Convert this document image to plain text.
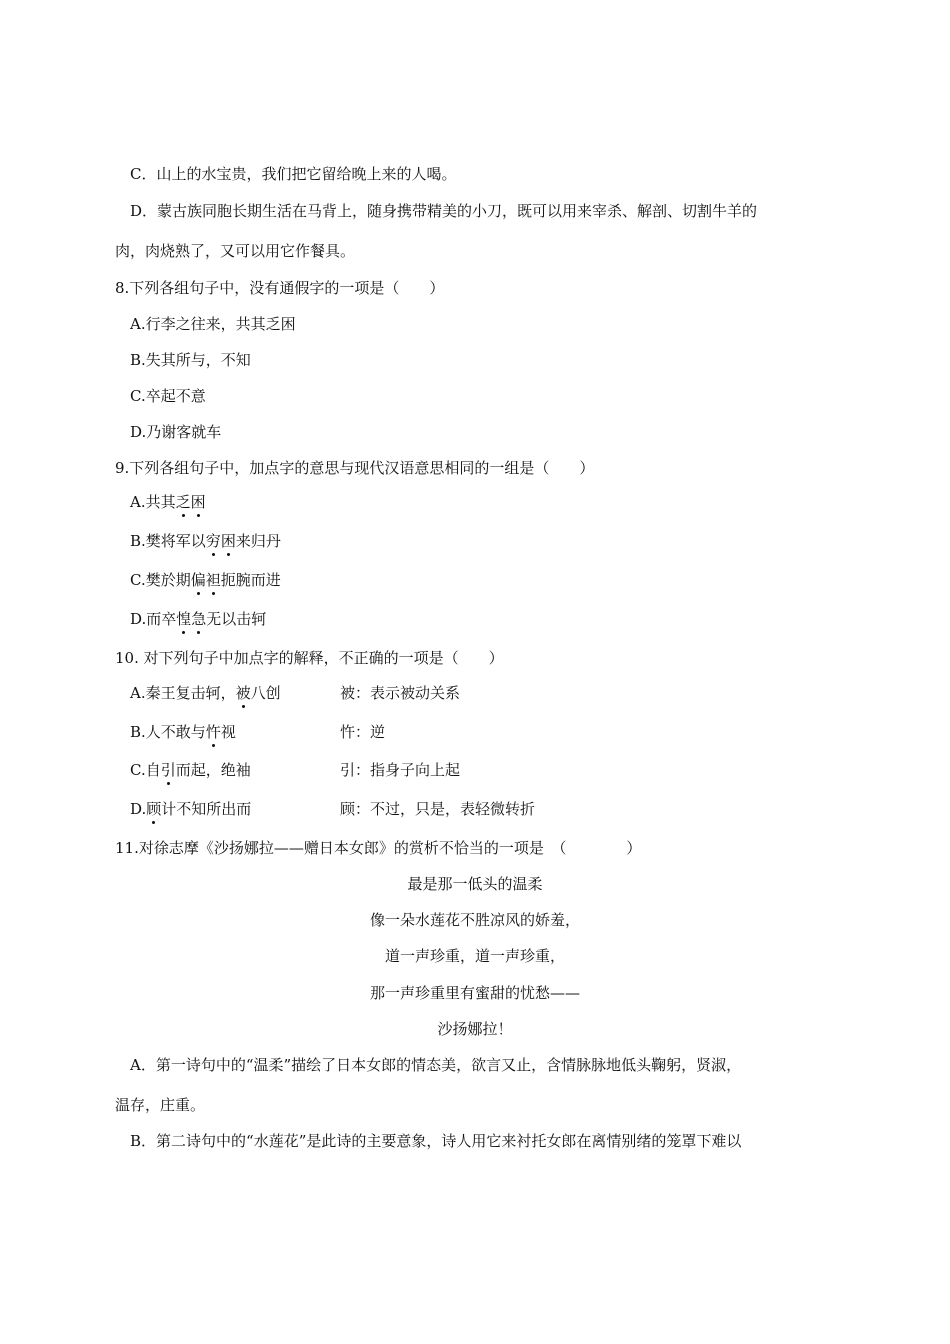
C．山上的水宝贵，我们把它留给晚上来的人喝。
D．蒙古族同胞长期生活在马背上，随身携带精美的小刀，既可以用来宰杀、解剖、切割牛羊的
肉，肉烧熟了，又可以用它作餐具。
8.下列各组句子中，没有通假字的一项是（　　）
A.行李之往来，共其乏困
B.失其所与，不知
C.卒起不意
D.乃谢客就车
9.下列各组句子中，加点字的意思与现代汉语意思相同的一组是（　　）
A.共其乏困
B.樊将军以穷困来归丹
C.樊於期偏袒扼腕而进
D.而卒惶急无以击轲
10. 对下列句子中加点字的解释，不正确的一项是（　　）
A.秦王复击轲，被八创	被：表示被动关系
B.人不敢与忤视	忤：逆
C.自引而起，绝袖	引：指身子向上起
D.顾计不知所出而	顾：不过，只是，表轻微转折
11.对徐志摩《沙扬娜拉——赠日本女郎》的赏析不恰当的一项是　（　　　　）
最是那一低头的温柔
像一朵水莲花不胜凉风的娇羞，
道一声珍重，道一声珍重，
那一声珍重里有蜜甜的忧愁——
沙扬娜拉！
A．第一诗句中的“温柔”描绘了日本女郎的情态美，欲言又止，含情脉脉地低头鞠躬，贤淑，
温存，庄重。
B．第二诗句中的“水莲花”是此诗的主要意象，诗人用它来衬托女郎在离情别绪的笼罩下难以
